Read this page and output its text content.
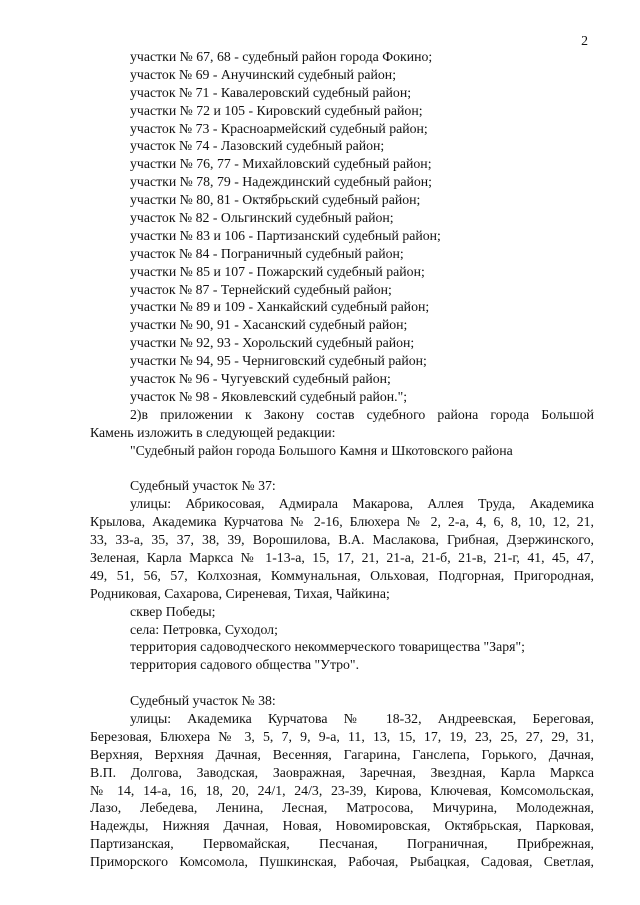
2
участки № 67, 68 - судебный район города Фокино;
участок № 69 - Анучинский судебный район;
участок № 71 - Кавалеровский судебный район;
участки № 72 и 105 - Кировский судебный район;
участок № 73 - Красноармейский судебный район;
участок № 74 - Лазовский судебный район;
участки № 76, 77 - Михайловский судебный район;
участки № 78, 79 - Надеждинский судебный район;
участки № 80, 81 - Октябрьский судебный район;
участок № 82 - Ольгинский судебный район;
участки № 83 и 106 - Партизанский судебный район;
участок № 84 - Пограничный судебный район;
участки № 85 и 107 - Пожарский судебный район;
участок № 87 - Тернейский судебный район;
участки № 89 и 109 - Ханкайский судебный район;
участки № 90, 91 - Хасанский судебный район;
участки № 92, 93 - Хорольский судебный район;
участки № 94, 95 - Черниговский судебный район;
участок № 96 - Чугуевский судебный район;
участок № 98 - Яковлевский судебный район.";
2)в приложении к Закону состав судебного района города Большой
Камень изложить в следующей редакции:
"Судебный район города Большого Камня и Шкотовского района
Судебный участок № 37:
улицы: Абрикосовая, Адмирала Макарова, Аллея Труда, Академика
Крылова, Академика Курчатова № 2-16, Блюхера № 2, 2-а, 4, 6, 8, 10, 12, 21,
33, 33-а, 35, 37, 38, 39, Ворошилова, В.А. Маслакова, Грибная, Дзержинского,
Зеленая, Карла Маркса № 1-13-а, 15, 17, 21, 21-а, 21-б, 21-в, 21-г, 41, 45, 47,
49, 51, 56, 57, Колхозная, Коммунальная, Ольховая, Подгорная, Пригородная,
Родниковая, Сахарова, Сиреневая, Тихая, Чайкина;
сквер Победы;
села: Петровка, Суходол;
территория садоводческого некоммерческого товарищества "Заря";
территория садового общества "Утро".
Судебный участок № 38:
улицы: Академика Курчатова № 18-32, Андреевская, Береговая,
Березовая, Блюхера № 3, 5, 7, 9, 9-а, 11, 13, 15, 17, 19, 23, 25, 27, 29, 31,
Верхняя, Верхняя Дачная, Весенняя, Гагарина, Ганслепа, Горького, Дачная,
В.П. Долгова, Заводская, Заовражная, Заречная, Звездная, Карла Маркса
№ 14, 14-а, 16, 18, 20, 24/1, 24/3, 23-39, Кирова, Ключевая, Комсомольская,
Лазо, Лебедева, Ленина, Лесная, Матросова, Мичурина, Молодежная,
Надежды, Нижняя Дачная, Новая, Новомировская, Октябрьская, Парковая,
Партизанская, Первомайская, Песчаная, Пограничная, Прибрежная,
Приморского Комсомола, Пушкинская, Рабочая, Рыбацкая, Садовая, Светлая,
